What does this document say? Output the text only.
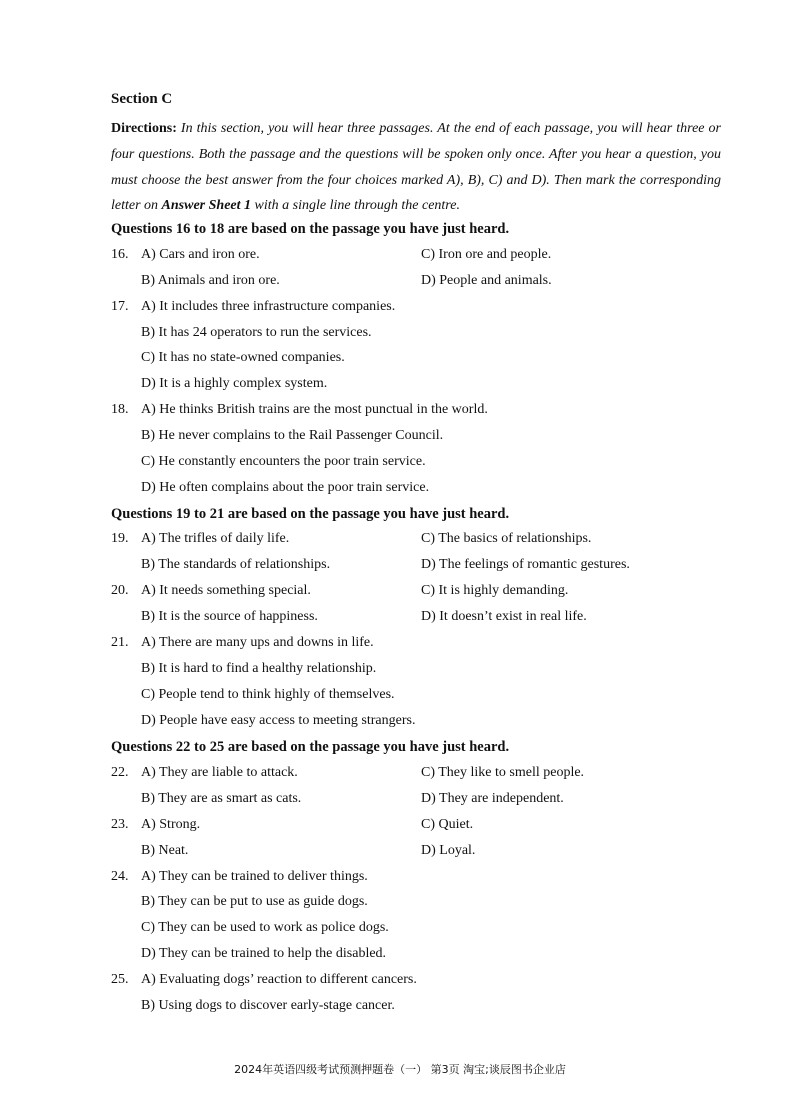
Section C
Directions: In this section, you will hear three passages. At the end of each passage, you will hear three or four questions. Both the passage and the questions will be spoken only once. After you hear a question, you must choose the best answer from the four choices marked A), B), C) and D). Then mark the corresponding letter on Answer Sheet 1 with a single line through the centre.
Questions 16 to 18 are based on the passage you have just heard.
16. A) Cars and iron ore.
B) Animals and iron ore.
C) Iron ore and people.
D) People and animals.
17. A) It includes three infrastructure companies.
B) It has 24 operators to run the services.
C) It has no state-owned companies.
D) It is a highly complex system.
18. A) He thinks British trains are the most punctual in the world.
B) He never complains to the Rail Passenger Council.
C) He constantly encounters the poor train service.
D) He often complains about the poor train service.
Questions 19 to 21 are based on the passage you have just heard.
19. A) The trifles of daily life.
B) The standards of relationships.
C) The basics of relationships.
D) The feelings of romantic gestures.
20. A) It needs something special.
B) It is the source of happiness.
C) It is highly demanding.
D) It doesn’t exist in real life.
21. A) There are many ups and downs in life.
B) It is hard to find a healthy relationship.
C) People tend to think highly of themselves.
D) People have easy access to meeting strangers.
Questions 22 to 25 are based on the passage you have just heard.
22. A) They are liable to attack.
B) They are as smart as cats.
C) They like to smell people.
D) They are independent.
23. A) Strong.
B) Neat.
C) Quiet.
D) Loyal.
24. A) They can be trained to deliver things.
B) They can be put to use as guide dogs.
C) They can be used to work as police dogs.
D) They can be trained to help the disabled.
25. A) Evaluating dogs’ reaction to different cancers.
B) Using dogs to discover early-stage cancer.
2024年英语四级考试预测押题卷（一） 第3页 淘宝;谈辰图书企业店
